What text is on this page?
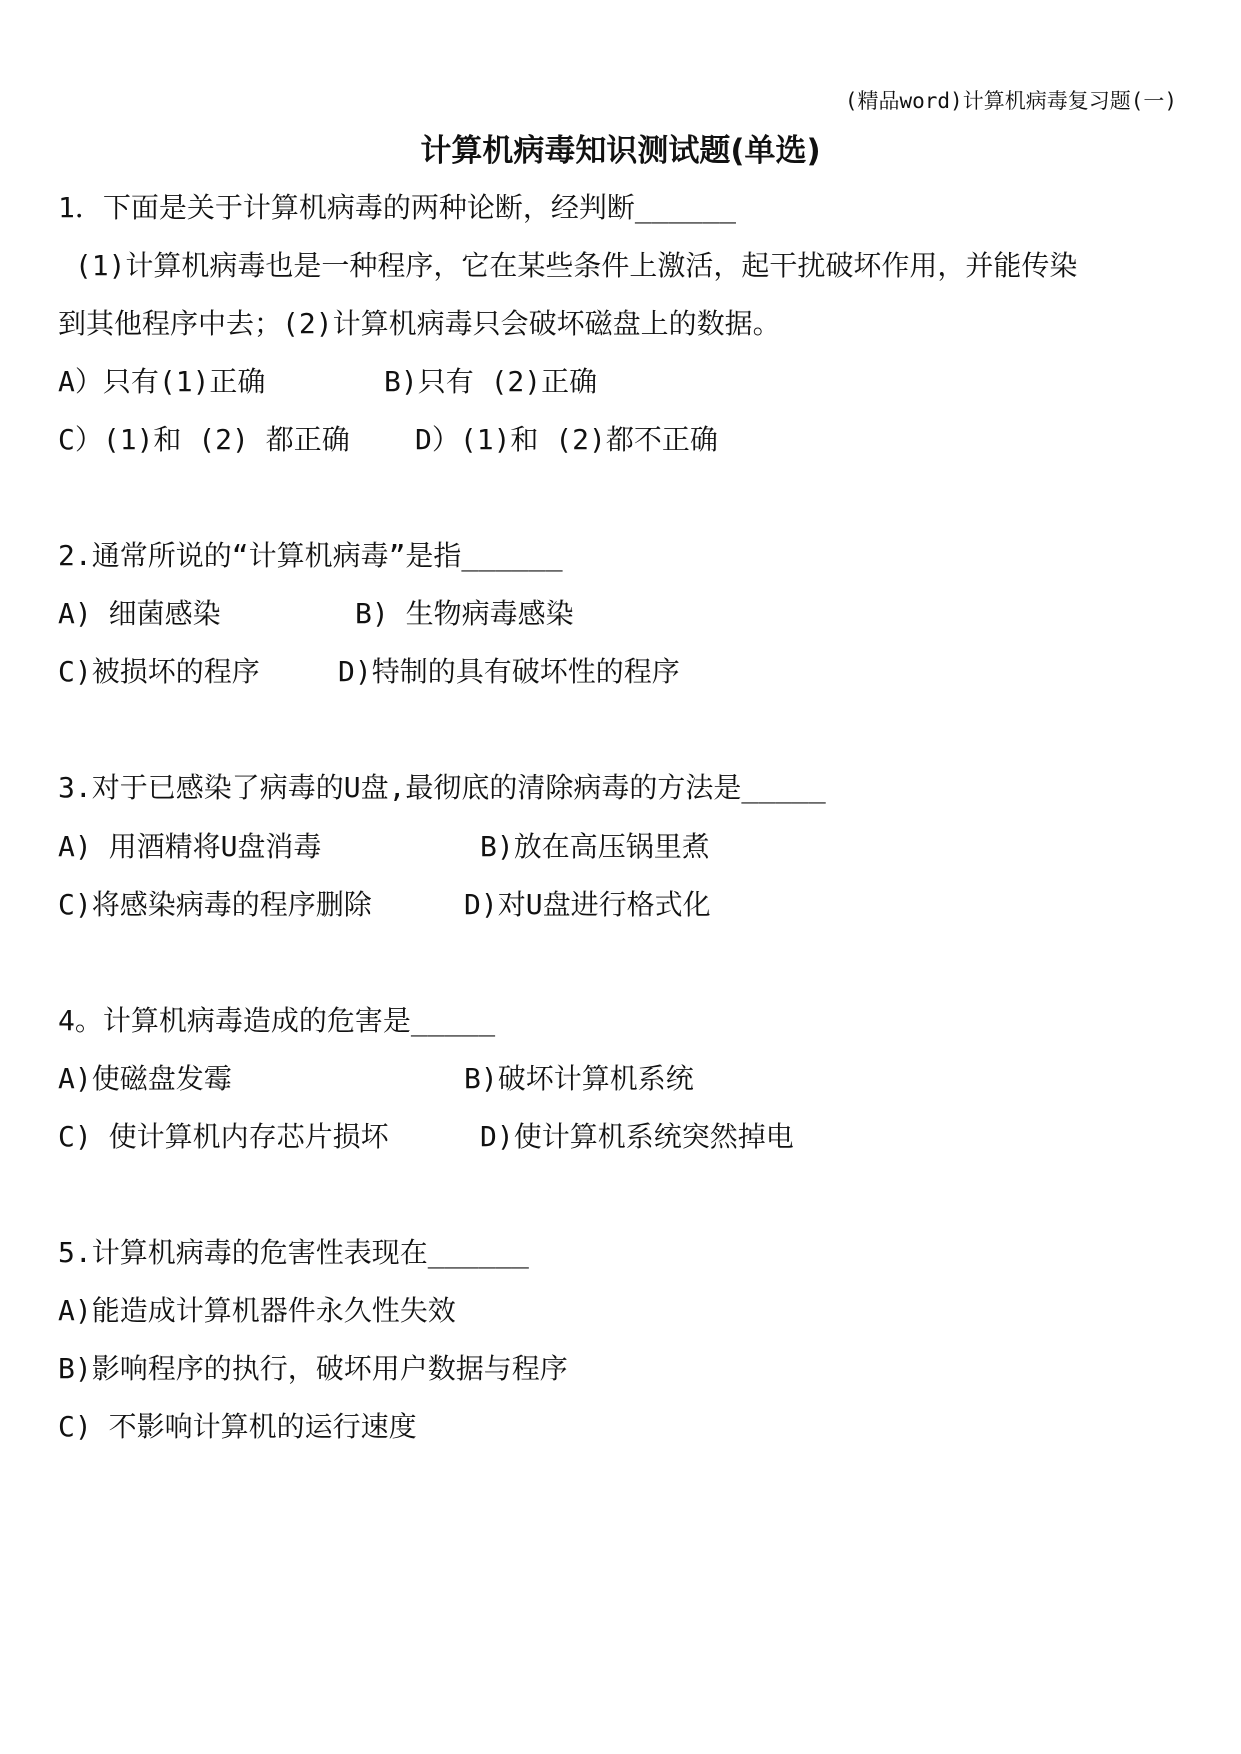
(精品word)计算机病毒复习题(一)
计算机病毒知识测试题(单选)
1．下面是关于计算机病毒的两种论断，经判断______
(1)计算机病毒也是一种程序，它在某些条件上激活，起干扰破坏作用，并能传染
到其他程序中去；(2)计算机病毒只会破坏磁盘上的数据。
A）只有(1)正确	B)只有 (2)正确
C）(1)和 (2) 都正确 D）(1)和 (2)都不正确
2.通常所说的“计算机病毒”是指______
A) 细菌感染	B) 生物病毒感染
C)被损坏的程序	D)特制的具有破坏性的程序
3.对于已感染了病毒的U盘,最彻底的清除病毒的方法是_____
A) 用酒精将U盘消毒	B)放在高压锅里煮
C)将感染病毒的程序删除	D)对U盘进行格式化
4。计算机病毒造成的危害是_____
A)使磁盘发霉	B)破坏计算机系统
C) 使计算机内存芯片损坏	D)使计算机系统突然掉电
5.计算机病毒的危害性表现在______
A)能造成计算机器件永久性失效
B)影响程序的执行，破坏用户数据与程序
C) 不影响计算机的运行速度
